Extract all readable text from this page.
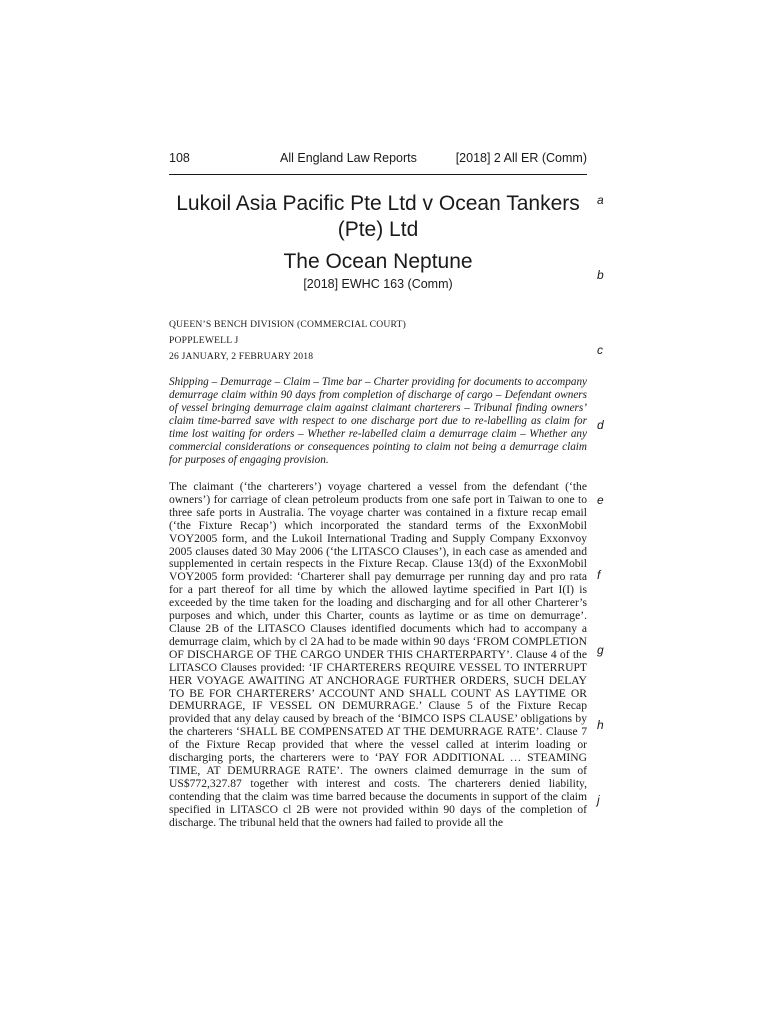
108	All England Law Reports	[2018] 2 All ER (Comm)
Lukoil Asia Pacific Pte Ltd v Ocean Tankers (Pte) Ltd
The Ocean Neptune
[2018] EWHC 163 (Comm)
QUEEN’S BENCH DIVISION (COMMERCIAL COURT)
POPPLEWELL J
26 JANUARY, 2 FEBRUARY 2018

Shipping – Demurrage – Claim – Time bar – Charter providing for documents to accompany demurrage claim within 90 days from completion of discharge of cargo – Defendant owners of vessel bringing demurrage claim against claimant charterers – Tribunal finding owners’ claim time-barred save with respect to one discharge port due to re-labelling as claim for time lost waiting for orders – Whether re-labelled claim a demurrage claim – Whether any commercial considerations or consequences pointing to claim not being a demurrage claim for purposes of engaging provision.

The claimant (‘the charterers’) voyage chartered a vessel from the defendant (‘the owners’) for carriage of clean petroleum products from one safe port in Taiwan to one to three safe ports in Australia. The voyage charter was contained in a fixture recap email (‘the Fixture Recap’) which incorporated the standard terms of the ExxonMobil VOY2005 form, and the Lukoil International Trading and Supply Company Exxonvoy 2005 clauses dated 30 May 2006 (‘the LITASCO Clauses’), in each case as amended and supplemented in certain respects in the Fixture Recap. Clause 13(d) of the ExxonMobil VOY2005 form provided: ‘Charterer shall pay demurrage per running day and pro rata for a part thereof for all time by which the allowed laytime specified in Part I(I) is exceeded by the time taken for the loading and discharging and for all other Charterer’s purposes and which, under this Charter, counts as laytime or as time on demurrage’. Clause 2B of the LITASCO Clauses identified documents which had to accompany a demurrage claim, which by cl 2A had to be made within 90 days ‘FROM COMPLETION OF DISCHARGE OF THE CARGO UNDER THIS CHARTERPARTY’. Clause 4 of the LITASCO Clauses provided: ‘IF CHARTERERS REQUIRE VESSEL TO INTERRUPT HER VOYAGE AWAITING AT ANCHORAGE FURTHER ORDERS, SUCH DELAY TO BE FOR CHARTERERS’ ACCOUNT AND SHALL COUNT AS LAYTIME OR DEMURRAGE, IF VESSEL ON DEMURRAGE.’ Clause 5 of the Fixture Recap provided that any delay caused by breach of the ‘BIMCO ISPS CLAUSE’ obligations by the charterers ‘SHALL BE COMPENSATED AT THE DEMURRAGE RATE’. Clause 7 of the Fixture Recap provided that where the vessel called at interim loading or discharging ports, the charterers were to ‘PAY FOR ADDITIONAL … STEAMING TIME, AT DEMURRAGE RATE’. The owners claimed demurrage in the sum of US$772,327.87 together with interest and costs. The charterers denied liability, contending that the claim was time barred because the documents in support of the claim specified in LITASCO cl 2B were not provided within 90 days of the completion of discharge. The tribunal held that the owners had failed to provide all the

a
b
c
d
e
f
g
h
j
